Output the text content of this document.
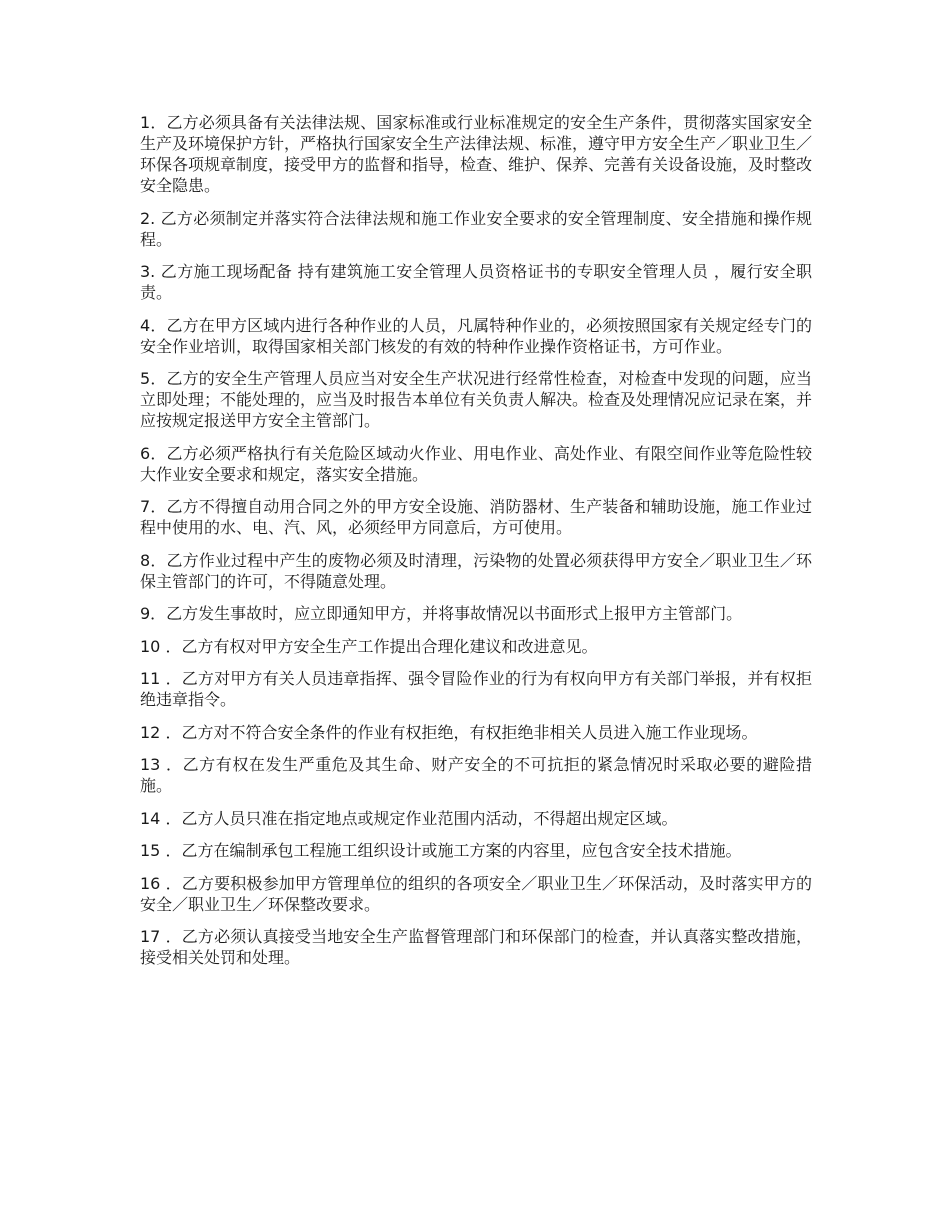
1．乙方必须具备有关法律法规、国家标准或行业标准规定的安全生产条件，贯彻落实国家安全生产及环境保护方针，严格执行国家安全生产法律法规、标准，遵守甲方安全生产／职业卫生／环保各项规章制度，接受甲方的监督和指导，检查、维护、保养、完善有关设备设施，及时整改安全隐患。

2. 乙方必须制定并落实符合法律法规和施工作业安全要求的安全管理制度、安全措施和操作规程。

3. 乙方施工现场配备 持有建筑施工安全管理人员资格证书的专职安全管理人员 ，履行安全职责。

4．乙方在甲方区域内进行各种作业的人员，凡属特种作业的，必须按照国家有关规定经专门的安全作业培训，取得国家相关部门核发的有效的特种作业操作资格证书，方可作业。

5．乙方的安全生产管理人员应当对安全生产状况进行经常性检查，对检查中发现的问题，应当立即处理；不能处理的，应当及时报告本单位有关负责人解决。检查及处理情况应记录在案，并应按规定报送甲方安全主管部门。

6．乙方必须严格执行有关危险区域动火作业、用电作业、高处作业、有限空间作业等危险性较大作业安全要求和规定，落实安全措施。

7．乙方不得擅自动用合同之外的甲方安全设施、消防器材、生产装备和辅助设施，施工作业过程中使用的水、电、汽、风，必须经甲方同意后，方可使用。

8．乙方作业过程中产生的废物必须及时清理，污染物的处置必须获得甲方安全／职业卫生／环保主管部门的许可，不得随意处理。

9．乙方发生事故时，应立即通知甲方，并将事故情况以书面形式上报甲方主管部门。

10 ．乙方有权对甲方安全生产工作提出合理化建议和改进意见。

11 ．乙方对甲方有关人员违章指挥、强令冒险作业的行为有权向甲方有关部门举报，并有权拒绝违章指令。

12 ．乙方对不符合安全条件的作业有权拒绝，有权拒绝非相关人员进入施工作业现场。

13 ．乙方有权在发生严重危及其生命、财产安全的不可抗拒的紧急情况时采取必要的避险措施。

14 ．乙方人员只准在指定地点或规定作业范围内活动，不得超出规定区域。

15 ．乙方在编制承包工程施工组织设计或施工方案的内容里，应包含安全技术措施。

16 ．乙方要积极参加甲方管理单位的组织的各项安全／职业卫生／环保活动，及时落实甲方的安全／职业卫生／环保整改要求。

17 ．乙方必须认真接受当地安全生产监督管理部门和环保部门的检查，并认真落实整改措施，接受相关处罚和处理。
